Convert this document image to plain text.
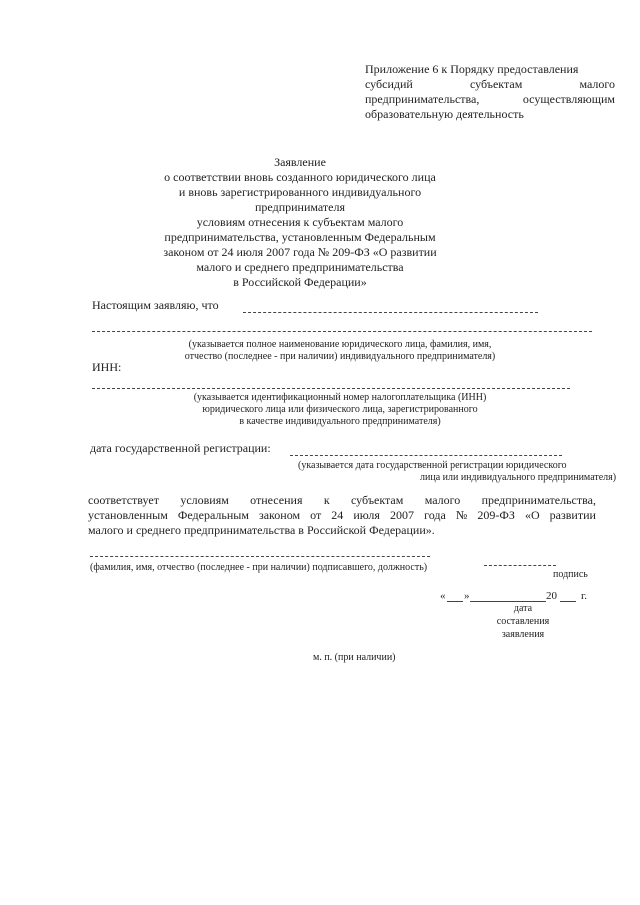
Приложение 6 к Порядку предоставления
субсидий	субъектам	малого
предпринимательства,	осуществляющим
образовательную деятельность
Заявление
о соответствии вновь созданного юридического лица
и вновь зарегистрированного индивидуального предпринимателя
условиям отнесения к субъектам малого
предпринимательства, установленным Федеральным
законом от 24 июля 2007 года № 209-ФЗ «О развитии
малого и среднего предпринимательства
в Российской Федерации»
Настоящим заявляю, что
(указывается полное наименование юридического лица, фамилия, имя,
отчество (последнее - при наличии) индивидуального предпринимателя)
ИНН:
(указывается идентификационный номер налогоплательщика (ИНН)
юридического лица или физического лица, зарегистрированного
в качестве индивидуального предпринимателя)
дата государственной регистрации:
(указывается дата государственной регистрации юридического
лица или индивидуального предпринимателя)
соответствует условиям отнесения к субъектам малого предпринимательства,
установленным Федеральным законом от 24 июля 2007 года № 209-ФЗ «О развитии
малого и среднего предпринимательства в Российской Федерации».
(фамилия, имя, отчество (последнее - при наличии) подписавшего, должность)
подпись
« »	20 г.
дата
составления
заявления
м. п. (при наличии)
